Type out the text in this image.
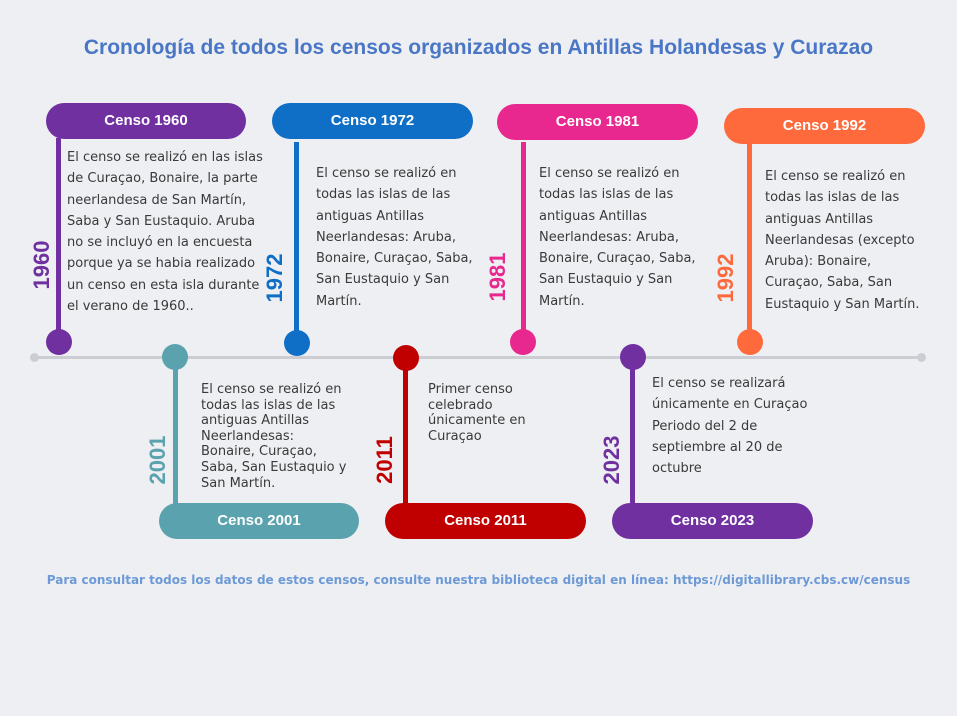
Cronología de todos los censos organizados en Antillas Holandesas y Curazao
Censo 1960
1960
El censo se realizó en las islas de Curaçao, Bonaire, la parte neerlandesa de San Martín, Saba y San Eustaquio. Aruba no se incluyó en la encuesta porque ya se habia realizado un censo en esta isla durante el verano de 1960..
Censo 1972
1972
El censo se realizó en todas las islas de las antiguas Antillas Neerlandesas: Aruba, Bonaire, Curaçao, Saba, San Eustaquio y San Martín.
Censo 1981
1981
El censo se realizó en todas las islas de las antiguas Antillas Neerlandesas: Aruba, Bonaire, Curaçao, Saba, San Eustaquio y San Martín.
Censo 1992
1992
El censo se realizó en todas las islas de las antiguas Antillas Neerlandesas (excepto Aruba): Bonaire, Curaçao, Saba, San Eustaquio y San Martín.
Censo 2001
2001
El censo se realizó en todas las islas de las antiguas Antillas Neerlandesas: Bonaire, Curaçao, Saba, San Eustaquio y San Martín.
Censo 2011
2011
Primer censo celebrado únicamente en Curaçao
Censo 2023
2023
El censo se realizará únicamente en Curaçao Periodo del 2 de septiembre al 20 de octubre
Para consultar todos los datos de estos censos, consulte nuestra biblioteca digital en línea: https://digitallibrary.cbs.cw/census
